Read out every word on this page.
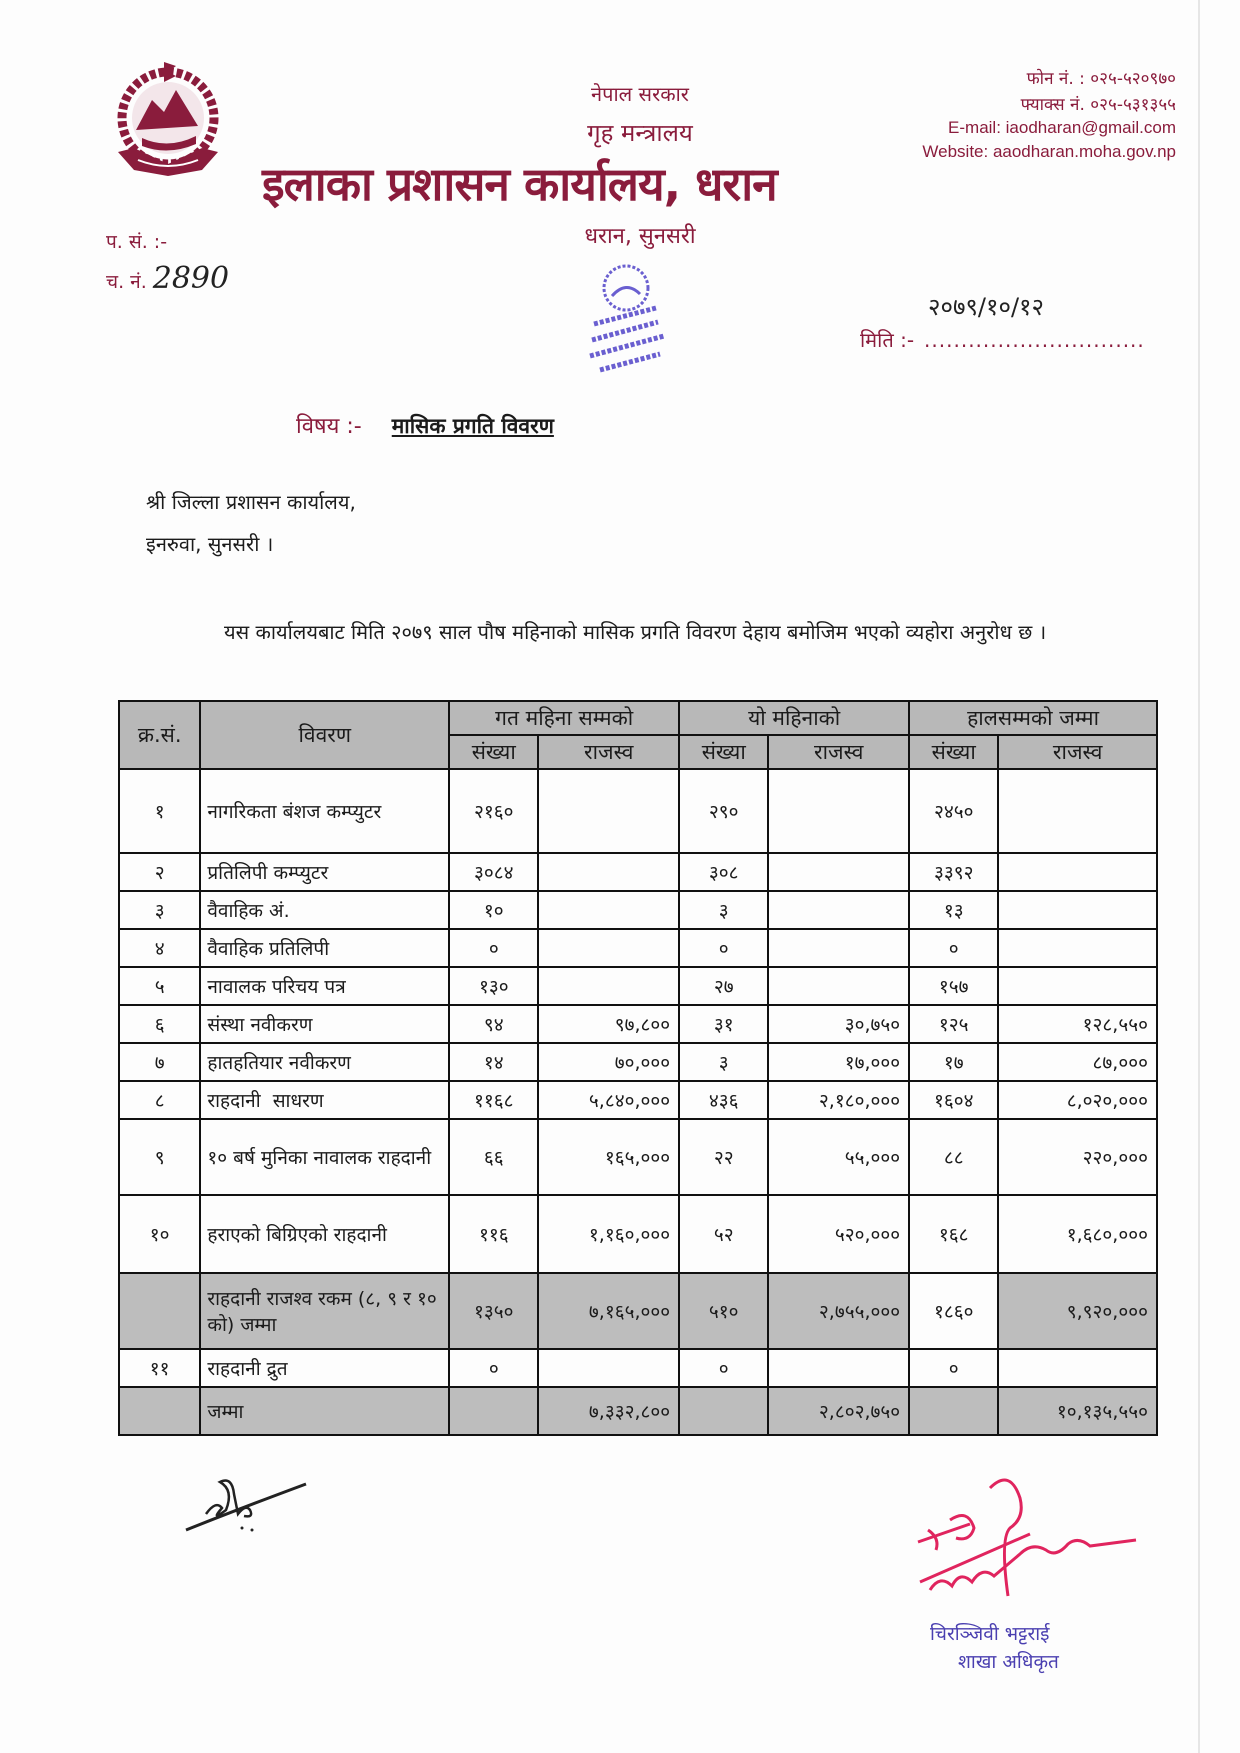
नेपाल सरकार
गृह मन्त्रालय
इलाका प्रशासन कार्यालय, धरान
धरान, सुनसरी
फोन नं. : ०२५-५२०९७०
फ्याक्स नं. ०२५-५३१३५५
E-mail: iaodharan@gmail.com
Website: aaodharan.moha.gov.np
प. सं. :-
च. नं. 2890
२०७९/१०/१२
मिति :- ..............................
विषय :- मासिक प्रगति विवरण
श्री जिल्ला प्रशासन कार्यालय,
इनरुवा, सुनसरी ।
यस कार्यालयबाट मिति २०७९ साल पौष महिनाको मासिक प्रगति विवरण देहाय बमोजिम भएको व्यहोरा अनुरोध छ ।
क्र.सं.	विवरण	गत महिना सम्मको		यो महिनाको		हालसम्मको जम्मा	
		संख्या	राजस्व	संख्या	राजस्व	संख्या	राजस्व
१	नागरिकता बंशज कम्प्युटर	२१६०		२९०		२४५०	
२	प्रतिलिपी कम्प्युटर	३०८४		३०८		३३९२	
३	वैवाहिक अं.	१०		३		१३	
४	वैवाहिक प्रतिलिपी	०		०		०	
५	नावालक परिचय पत्र	१३०		२७		१५७	
६	संस्था नवीकरण	९४	९७,८००	३१	३०,७५०	१२५	१२८,५५०
७	हातहतियार नवीकरण	१४	७०,०००	३	१७,०००	१७	८७,०००
८	राहदानी  साधरण	११६८	५,८४०,०००	४३६	२,१८०,०००	१६०४	८,०२०,०००
९	१० बर्ष मुनिका नावालक राहदानी	६६	१६५,०००	२२	५५,०००	८८	२२०,०००
१०	हराएको बिग्रिएको राहदानी	११६	१,१६०,०००	५२	५२०,०००	१६८	१,६८०,०००
	राहदानी राजश्व रकम (८, ९ र १० को) जम्मा	१३५०	७,१६५,०००	५१०	२,७५५,०००	१८६०	९,९२०,०००
११	राहदानी द्रुत	०		०		०	
	जम्मा		७,३३२,८००		२,८०२,७५०		१०,१३५,५५०
चिरञ्जिवी भट्टराई
शाखा अधिकृत
